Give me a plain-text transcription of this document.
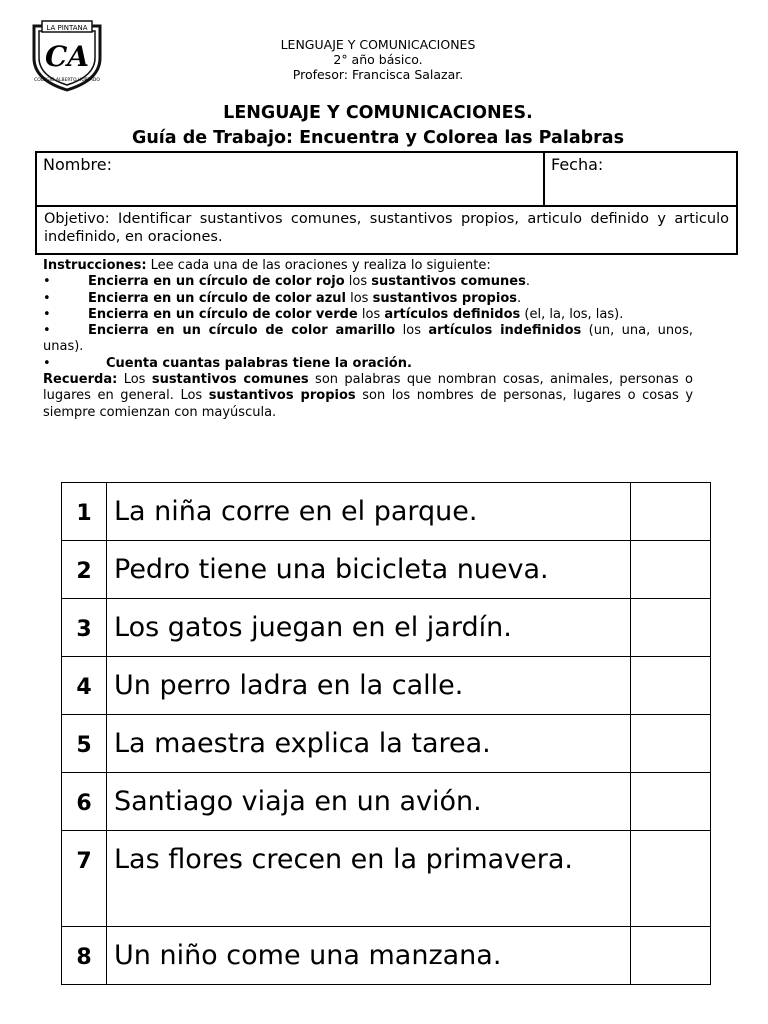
LA PINTANA
CA
COLEGIO ALBERTO HURTADO
LENGUAJE Y COMUNICACIONES
2° año básico.
Profesor: Francisca Salazar.
LENGUAJE Y COMUNICACIONES.
Guía de Trabajo: Encuentra y Colorea las Palabras
Nombre:	Fecha:
Objetivo: Identificar sustantivos comunes, sustantivos propios, articulo definido y articulo indefinido, en oraciones.

Instrucciones: Lee cada una de las oraciones y realiza lo siguiente:

•	Encierra en un círculo de color rojo los sustantivos comunes.

•	Encierra en un círculo de color azul los sustantivos propios.

•	Encierra en un círculo de color verde los artículos definidos (el, la, los, las).

•	Encierra en un círculo de color amarillo los artículos indefinidos (un, una, unos, unas).

•	Cuenta cuantas palabras tiene la oración.

Recuerda: Los sustantivos comunes son palabras que nombran cosas, animales, personas o lugares en general. Los sustantivos propios son los nombres de personas, lugares o cosas y siempre comienzan con mayúscula.

1	La niña corre en el parque.	
2	Pedro tiene una bicicleta nueva.	
3	Los gatos juegan en el jardín.	
4	Un perro ladra en la calle.	
5	La maestra explica la tarea.	
6	Santiago viaja en un avión.	
7	Las flores crecen en la primavera.	
8	Un niño come una manzana.	
